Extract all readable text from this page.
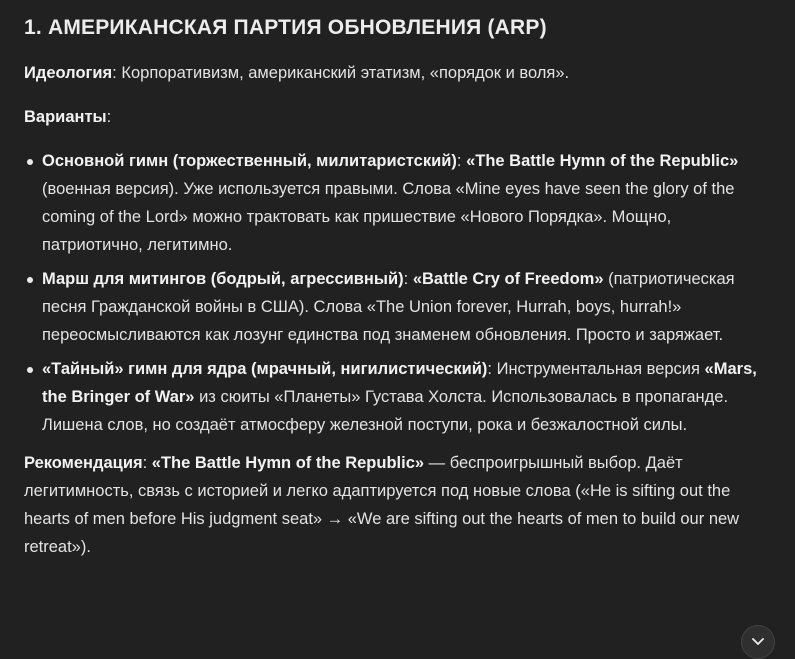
1. АМЕРИКАНСКАЯ ПАРТИЯ ОБНОВЛЕНИЯ (ARP)

Идеология: Корпоративизм, американский этатизм, «порядок и воля».

Варианты:

Основной гимн (торжественный, милитаристский): «The Battle Hymn of the Republic» (военная версия). Уже используется правыми. Слова «Mine eyes have seen the glory of the coming of the Lord» можно трактовать как пришествие «Нового Порядка». Мощно, патриотично, легитимно.
Марш для митингов (бодрый, агрессивный): «Battle Cry of Freedom» (патриотическая песня Гражданской войны в США). Слова «The Union forever, Hurrah, boys, hurrah!» переосмысливаются как лозунг единства под знаменем обновления. Просто и заряжает.
«Тайный» гимн для ядра (мрачный, нигилистический): Инструментальная версия «Mars, the Bringer of War» из сюиты «Планеты» Густава Холста. Использовалась в пропаганде. Лишена слов, но создаёт атмосферу железной поступи, рока и безжалостной силы.

Рекомендация: «The Battle Hymn of the Republic» — беспроигрышный выбор. Даёт легитимность, связь с историей и легко адаптируется под новые слова («He is sifting out the hearts of men before His judgment seat» → «We are sifting out the hearts of men to build our new retreat»).
